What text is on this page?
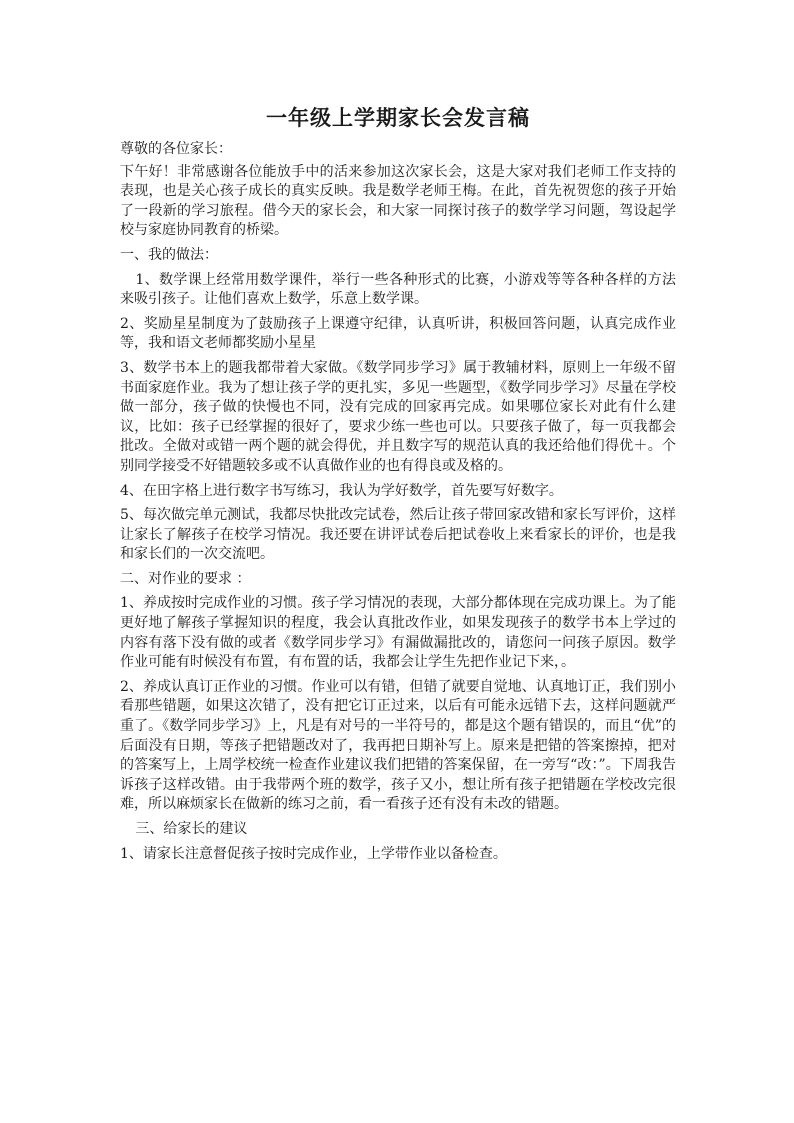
一年级上学期家长会发言稿

尊敬的各位家长：

下午好！非常感谢各位能放手中的活来参加这次家长会，这是大家对我们老师工作支持的表现，也是关心孩子成长的真实反映。我是数学老师王梅。在此，首先祝贺您的孩子开始了一段新的学习旅程。借今天的家长会，和大家一同探讨孩子的数学学习问题，驾设起学校与家庭协同教育的桥梁。

一、我的做法：

1、数学课上经常用数学课件，举行一些各种形式的比赛，小游戏等等各种各样的方法来吸引孩子。让他们喜欢上数学，乐意上数学课。

2、奖励星星制度为了鼓励孩子上课遵守纪律，认真听讲，积极回答问题，认真完成作业等，我和语文老师都奖励小星星

3、数学书本上的题我都带着大家做。《数学同步学习》属于教辅材料，原则上一年级不留书面家庭作业。我为了想让孩子学的更扎实，多见一些题型，《数学同步学习》尽量在学校做一部分，孩子做的快慢也不同，没有完成的回家再完成。如果哪位家长对此有什么建议，比如：孩子已经掌握的很好了，要求少练一些也可以。只要孩子做了，每一页我都会批改。全做对或错一两个题的就会得优，并且数字写的规范认真的我还给他们得优＋。个别同学接受不好错题较多或不认真做作业的也有得良或及格的。

4、在田字格上进行数字书写练习，我认为学好数学，首先要写好数字。

5、每次做完单元测试，我都尽快批改完试卷，然后让孩子带回家改错和家长写评价，这样让家长了解孩子在校学习情况。我还要在讲评试卷后把试卷收上来看家长的评价，也是我和家长们的一次交流吧。

二、对作业的要求 ：

1、养成按时完成作业的习惯。孩子学习情况的表现，大部分都体现在完成功课上。为了能更好地了解孩子掌握知识的程度，我会认真批改作业，如果发现孩子的数学书本上学过的内容有落下没有做的或者《数学同步学习》有漏做漏批改的，请您问一问孩子原因。数学作业可能有时候没有布置，有布置的话，我都会让学生先把作业记下来，。

2、养成认真订正作业的习惯。作业可以有错，但错了就要自觉地、认真地订正，我们别小看那些错题，如果这次错了，没有把它订正过来，以后有可能永远错下去，这样问题就严重了。《数学同步学习》上，凡是有对号的一半符号的，都是这个题有错误的，而且“优”的后面没有日期，等孩子把错题改对了，我再把日期补写上。原来是把错的答案擦掉，把对的答案写上，上周学校统一检查作业建议我们把错的答案保留，在一旁写“改：”。下周我告诉孩子这样改错。由于我带两个班的数学，孩子又小，想让所有孩子把错题在学校改完很难，所以麻烦家长在做新的练习之前，看一看孩子还有没有未改的错题。

三、给家长的建议

1、请家长注意督促孩子按时完成作业，上学带作业以备检查。
